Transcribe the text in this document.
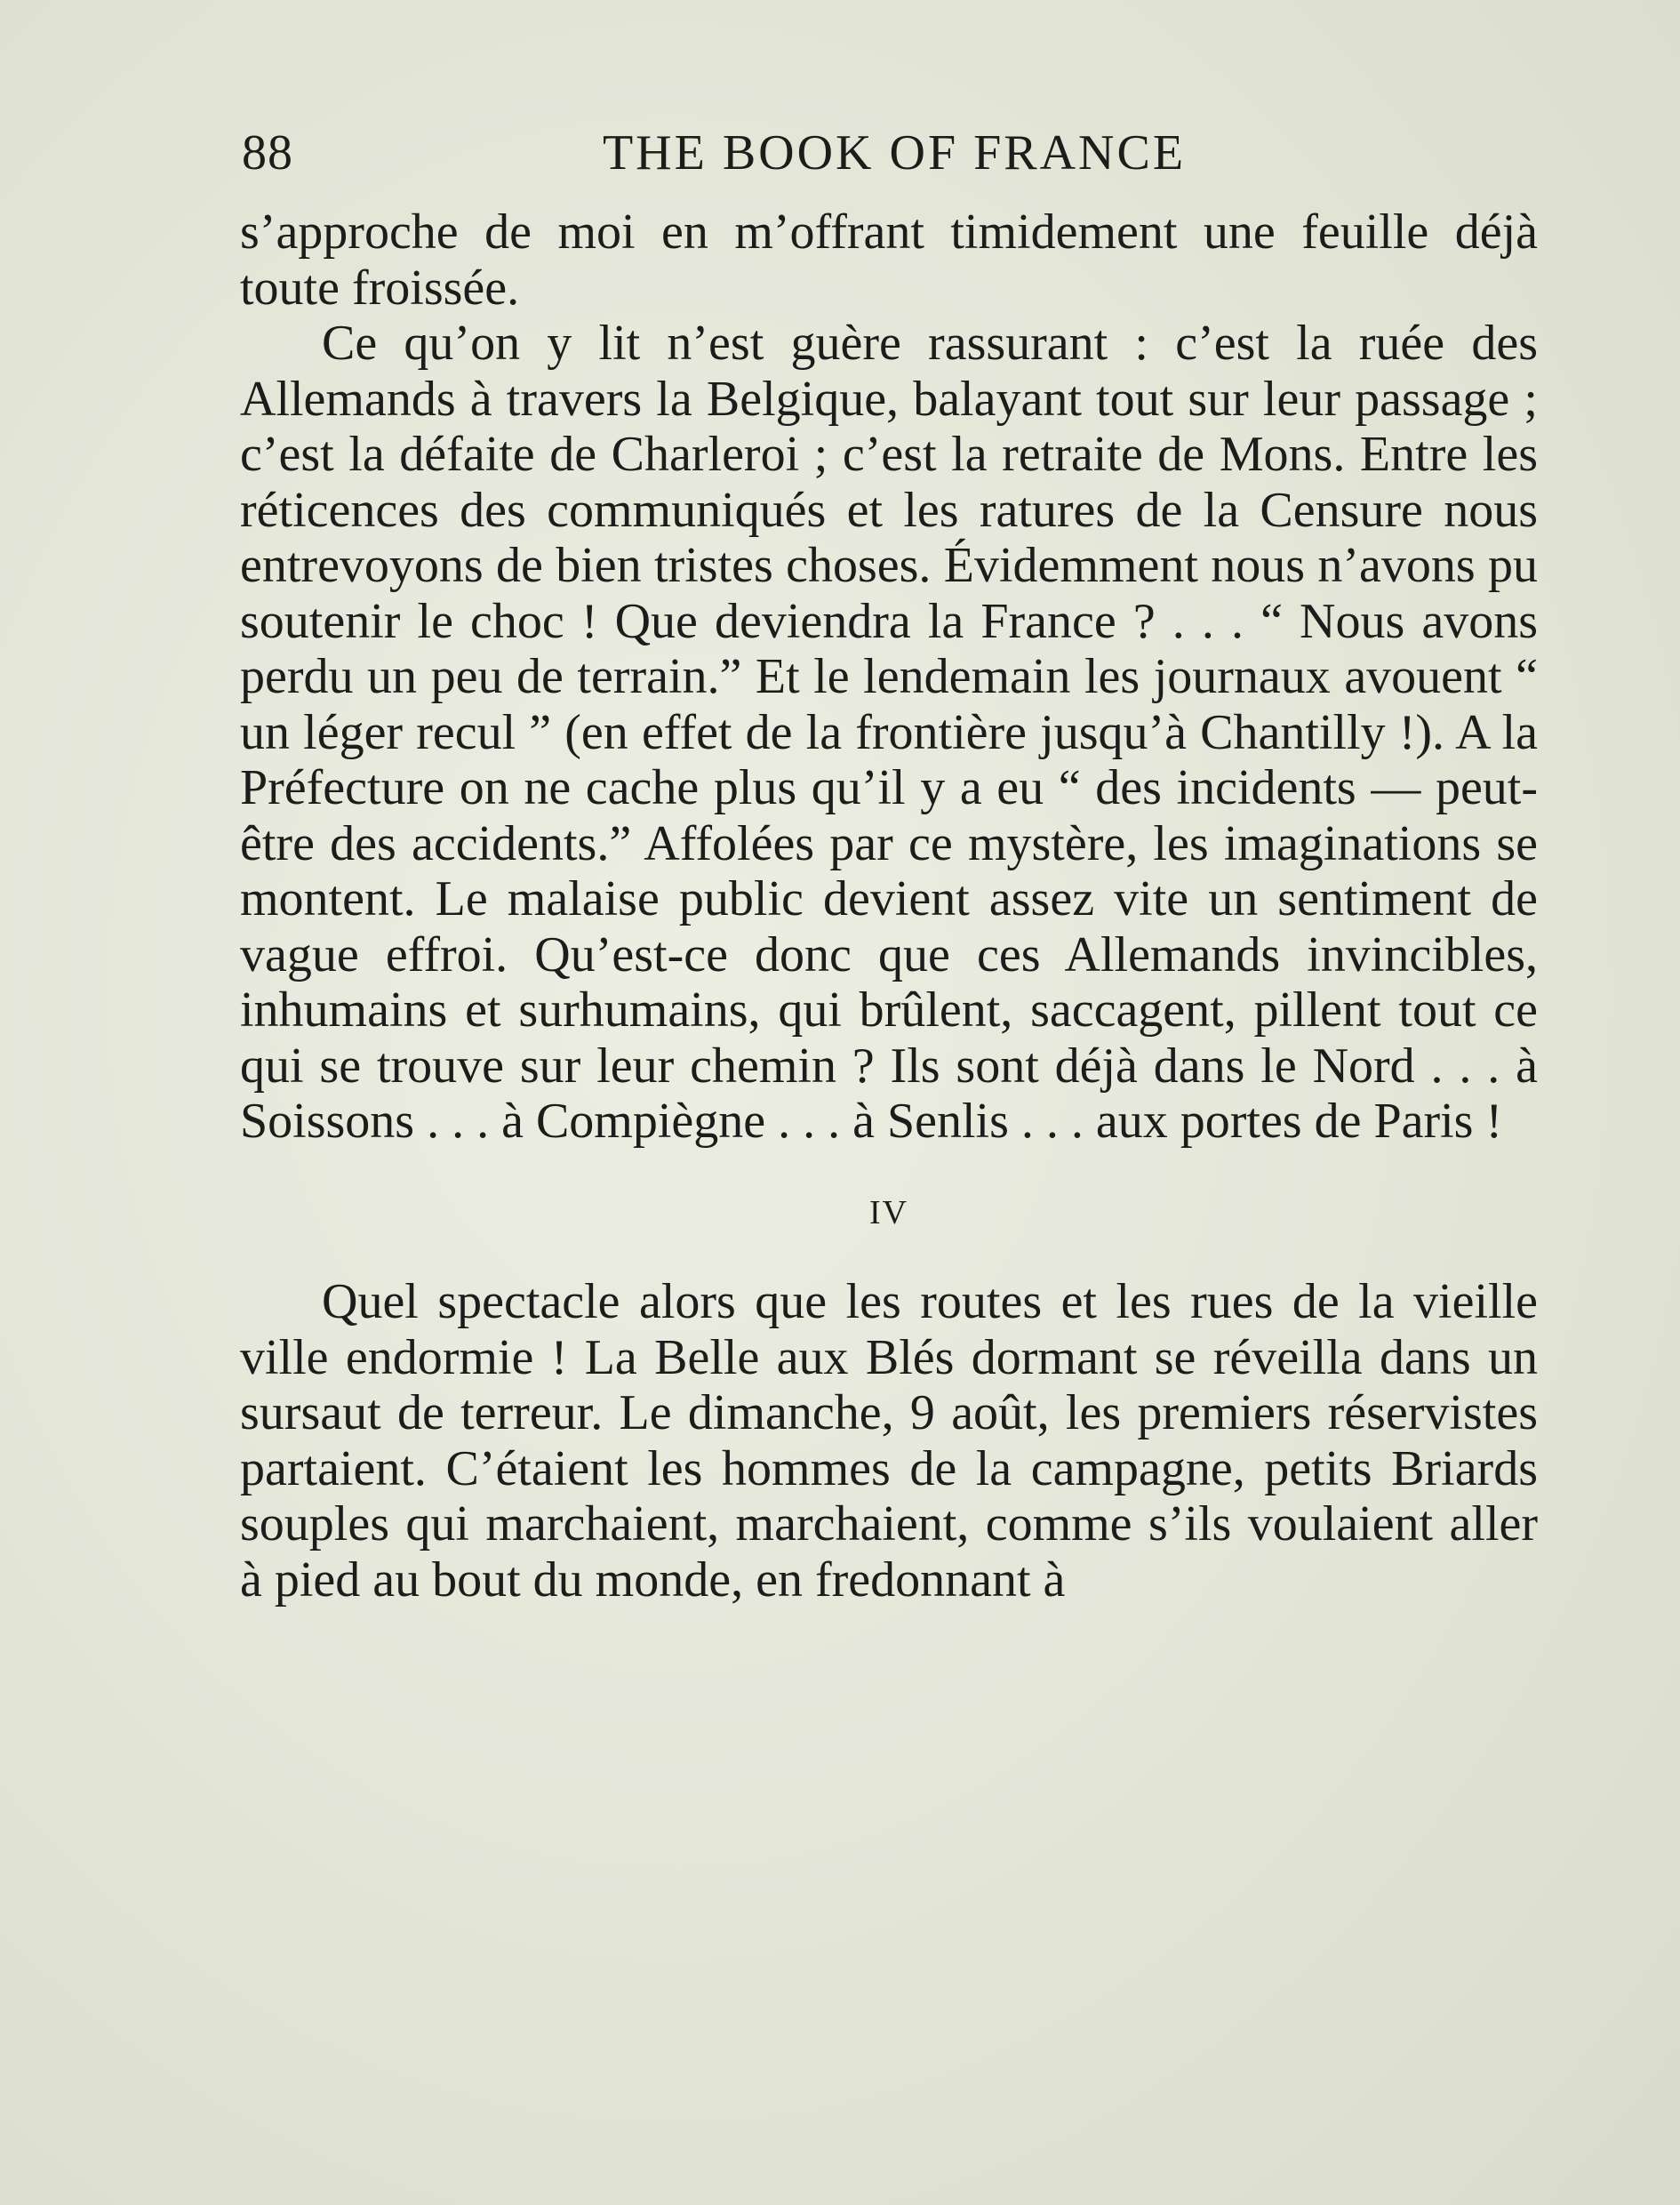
88	THE BOOK OF FRANCE

s’approche de moi en m’offrant timidement une feuille déjà toute froissée.

Ce qu’on y lit n’est guère rassurant : c’est la ruée des Allemands à travers la Belgique, balayant tout sur leur passage ; c’est la défaite de Charleroi ; c’est la retraite de Mons. Entre les réticences des communiqués et les ratures de la Censure nous entrevoyons de bien tristes choses. Évidemment nous n’avons pu soutenir le choc ! Que deviendra la France ? . . . “ Nous avons perdu un peu de terrain.” Et le lendemain les journaux avouent “ un léger recul ” (en effet de la frontière jusqu’à Chantilly !). A la Préfecture on ne cache plus qu’il y a eu “ des incidents — peut-être des accidents.” Affolées par ce mystère, les imaginations se montent. Le malaise public devient assez vite un sentiment de vague effroi. Qu’est-ce donc que ces Allemands invincibles, inhumains et surhumains, qui brûlent, saccagent, pillent tout ce qui se trouve sur leur chemin ? Ils sont déjà dans le Nord . . . à Soissons . . . à Compiègne . . . à Senlis . . . aux portes de Paris !

IV

Quel spectacle alors que les routes et les rues de la vieille ville endormie ! La Belle aux Blés dormant se réveilla dans un sursaut de terreur. Le dimanche, 9 août, les premiers réservistes partaient. C’étaient les hommes de la campagne, petits Briards souples qui marchaient, marchaient, comme s’ils voulaient aller à pied au bout du monde, en fredonnant à
